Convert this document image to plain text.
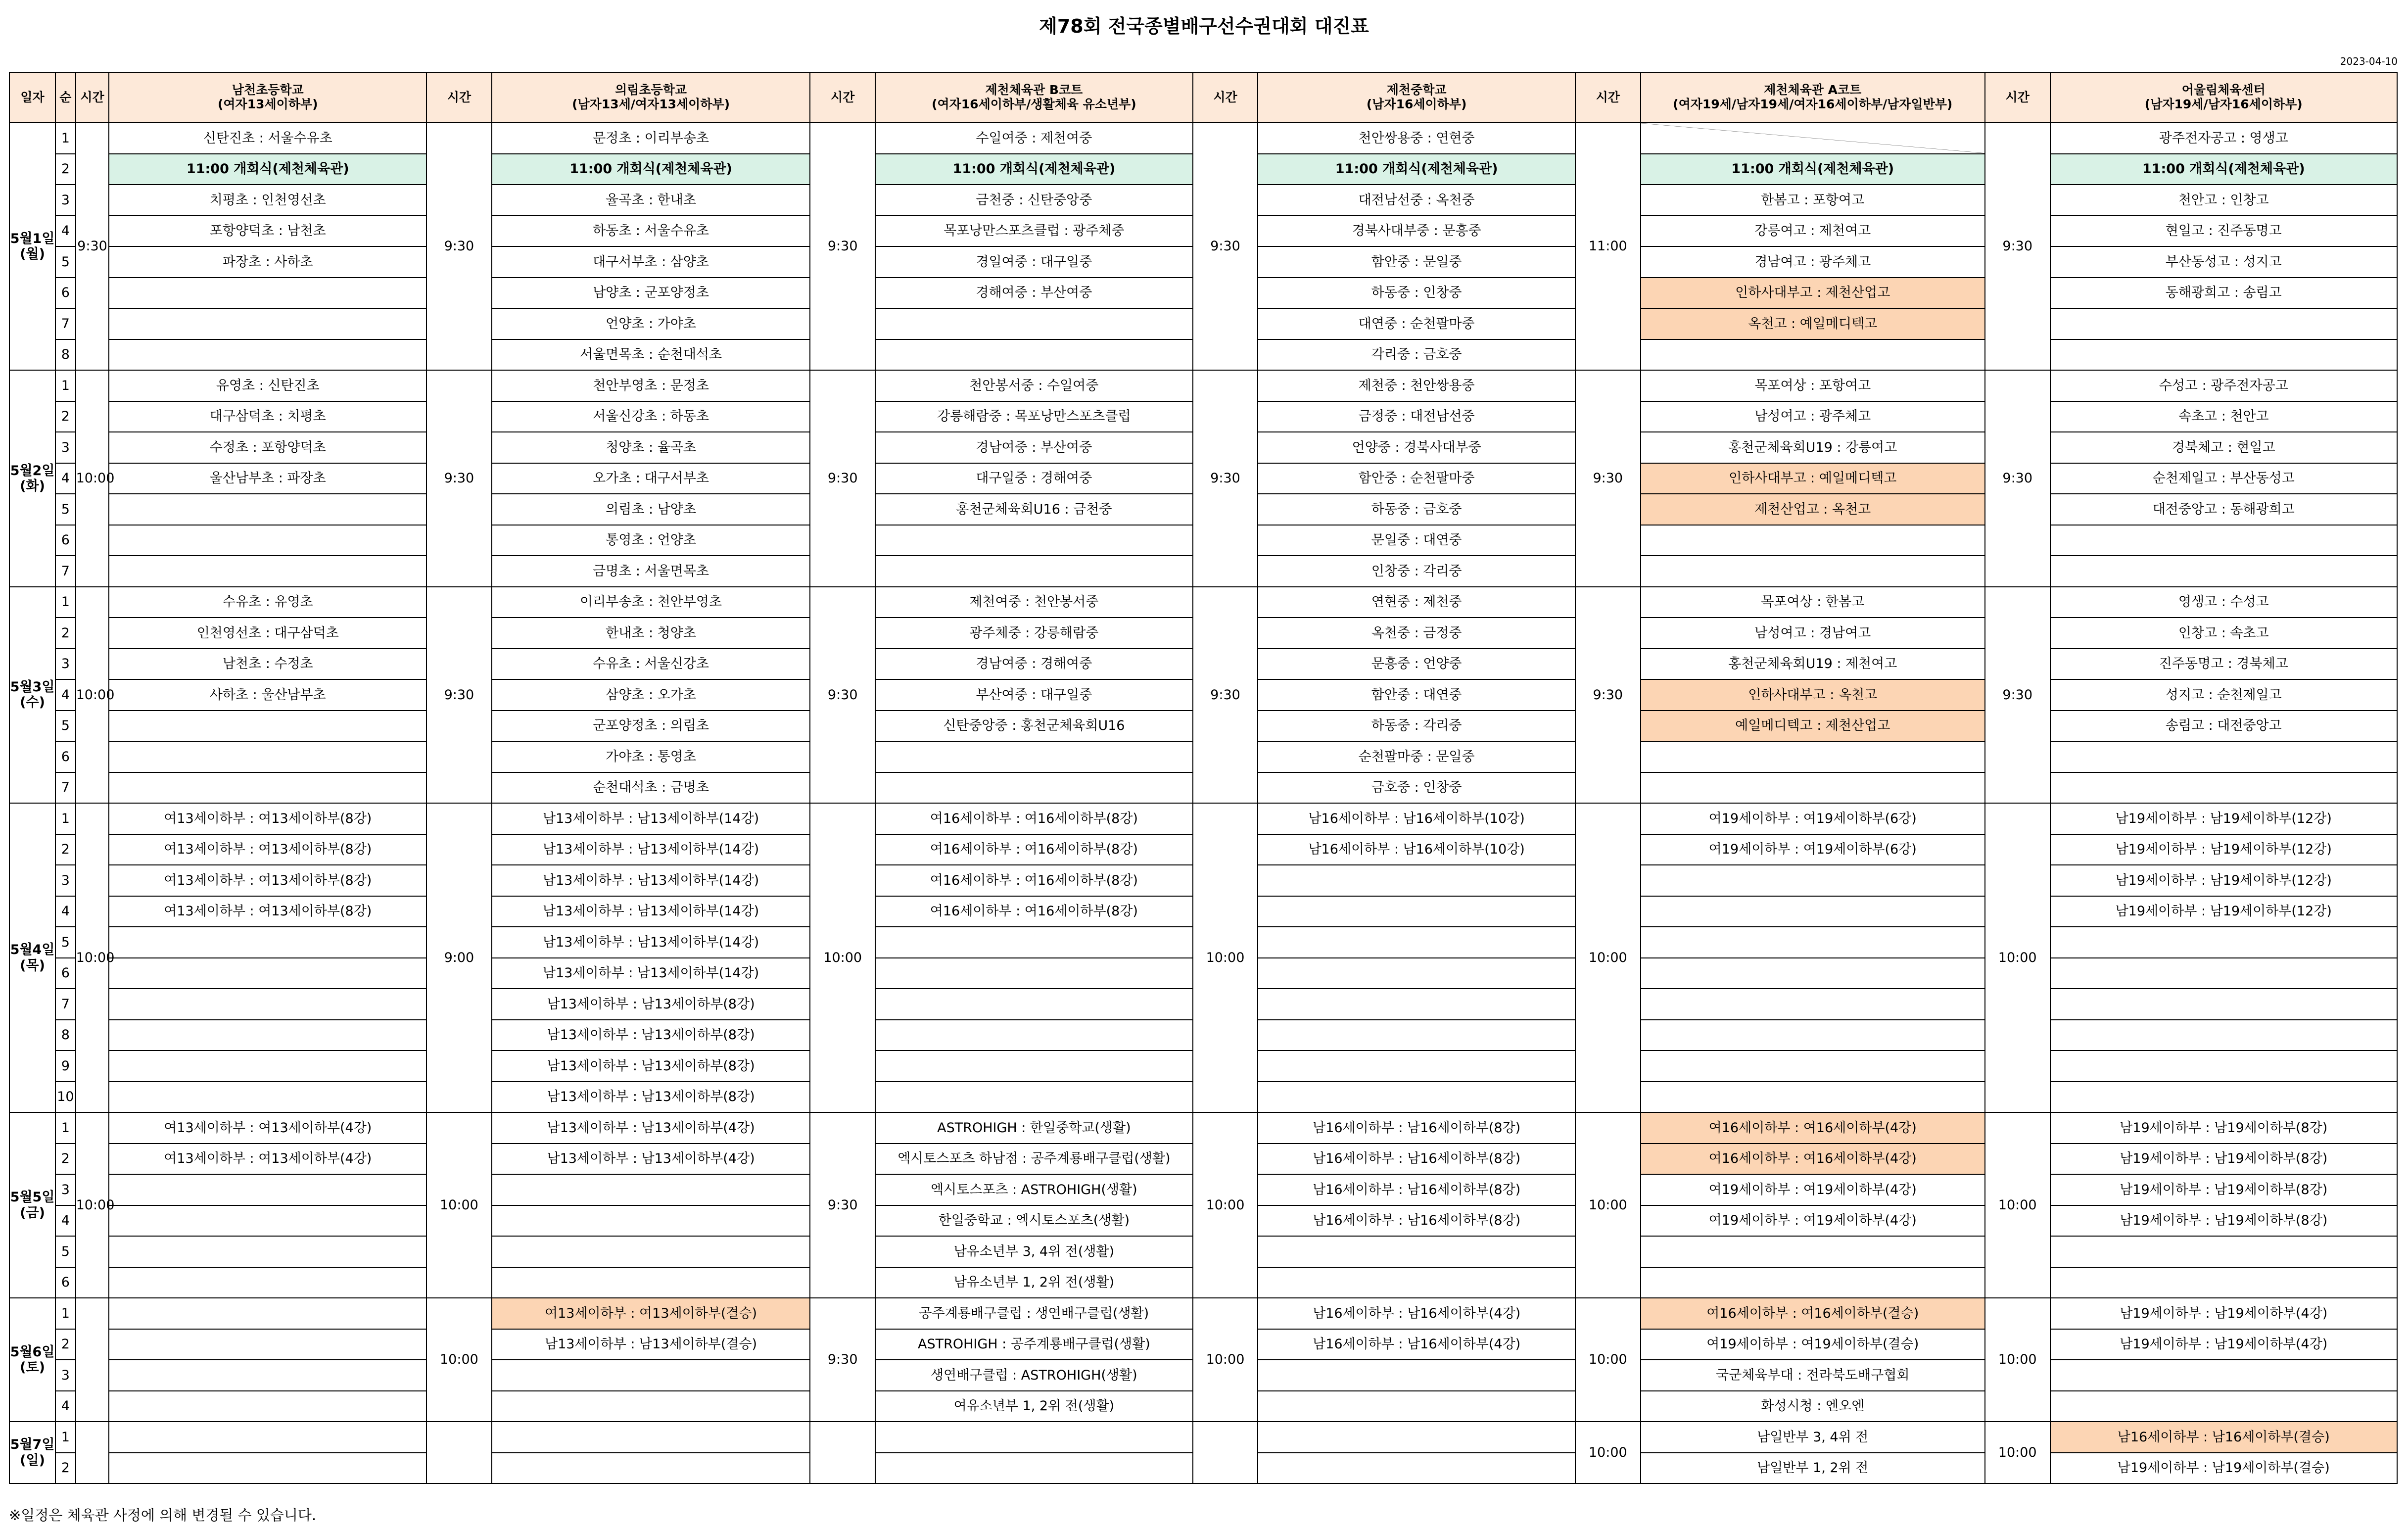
제78회 전국종별배구선수권대회 대진표
2023-04-10
일자	순	시간	남천초등학교
(여자13세이하부)	시간	의림초등학교
(남자13세/여자13세이하부)	시간	제천체육관 B코트
(여자16세이하부/생활체육 유소년부)	시간	제천중학교
(남자16세이하부)	시간	제천체육관 A코트
(여자19세/남자19세/여자16세이하부/남자일반부)	시간	어울림체육센터
(남자19세/남자16세이하부)

5월1일
(월)	1	9:30	신탄진초 : 서울수유초	9:30	문정초 : 이리부송초	9:30	수일여중 : 제천여중	9:30	천안쌍용중 : 연현중	11:00		9:30	광주전자공고 : 영생고
	2		11:00 개회식(제천체육관)		11:00 개회식(제천체육관)		11:00 개회식(제천체육관)		11:00 개회식(제천체육관)		11:00 개회식(제천체육관)		11:00 개회식(제천체육관)
	3		치평초 : 인천영선초		율곡초 : 한내초		금천중 : 신탄중앙중		대전남선중 : 옥천중		한봄고 : 포항여고		천안고 : 인창고
	4		포항양덕초 : 남천초		하동초 : 서울수유초		목포낭만스포츠클럽 : 광주체중		경북사대부중 : 문흥중		강릉여고 : 제천여고		현일고 : 진주동명고
	5		파장초 : 사하초		대구서부초 : 삼양초		경일여중 : 대구일중		함안중 : 문일중		경남여고 : 광주체고		부산동성고 : 성지고
	6				남양초 : 군포양정초		경해여중 : 부산여중		하동중 : 인창중		인하사대부고 : 제천산업고		동해광희고 : 송림고
	7				언양초 : 가야초				대연중 : 순천팔마중		옥천고 : 예일메디텍고		
	8				서울면목초 : 순천대석초				각리중 : 금호중				

5월2일
(화)	1	10:00	유영초 : 신탄진초	9:30	천안부영초 : 문정초	9:30	천안봉서중 : 수일여중	9:30	제천중 : 천안쌍용중	9:30	목포여상 : 포항여고	9:30	수성고 : 광주전자공고
	2		대구삼덕초 : 치평초		서울신강초 : 하동초		강릉해람중 : 목포낭만스포츠클럽		금정중 : 대전남선중		남성여고 : 광주체고		속초고 : 천안고
	3		수정초 : 포항양덕초		청양초 : 율곡초		경남여중 : 부산여중		언양중 : 경북사대부중		홍천군체육회U19 : 강릉여고		경북체고 : 현일고
	4		울산남부초 : 파장초		오가초 : 대구서부초		대구일중 : 경해여중		함안중 : 순천팔마중		인하사대부고 : 예일메디텍고		순천제일고 : 부산동성고
	5				의림초 : 남양초		홍천군체육회U16 : 금천중		하동중 : 금호중		제천산업고 : 옥천고		대전중앙고 : 동해광희고
	6				통영초 : 언양초				문일중 : 대연중				
	7				금명초 : 서울면목초				인창중 : 각리중				

5월3일
(수)	1	10:00	수유초 : 유영초	9:30	이리부송초 : 천안부영초	9:30	제천여중 : 천안봉서중	9:30	연현중 : 제천중	9:30	목포여상 : 한봄고	9:30	영생고 : 수성고
	2		인천영선초 : 대구삼덕초		한내초 : 청양초		광주체중 : 강릉해람중		옥천중 : 금정중		남성여고 : 경남여고		인창고 : 속초고
	3		남천초 : 수정초		수유초 : 서울신강초		경남여중 : 경해여중		문흥중 : 언양중		홍천군체육회U19 : 제천여고		진주동명고 : 경북체고
	4		사하초 : 울산남부초		삼양초 : 오가초		부산여중 : 대구일중		함안중 : 대연중		인하사대부고 : 옥천고		성지고 : 순천제일고
	5				군포양정초 : 의림초		신탄중앙중 : 홍천군체육회U16		하동중 : 각리중		예일메디텍고 : 제천산업고		송림고 : 대전중앙고
	6				가야초 : 통영초				순천팔마중 : 문일중				
	7				순천대석초 : 금명초				금호중 : 인창중				

5월4일
(목)	1	10:00	여13세이하부 : 여13세이하부(8강)	9:00	남13세이하부 : 남13세이하부(14강)	10:00	여16세이하부 : 여16세이하부(8강)	10:00	남16세이하부 : 남16세이하부(10강)	10:00	여19세이하부 : 여19세이하부(6강)	10:00	남19세이하부 : 남19세이하부(12강)
	2		여13세이하부 : 여13세이하부(8강)		남13세이하부 : 남13세이하부(14강)		여16세이하부 : 여16세이하부(8강)		남16세이하부 : 남16세이하부(10강)		여19세이하부 : 여19세이하부(6강)		남19세이하부 : 남19세이하부(12강)
	3		여13세이하부 : 여13세이하부(8강)		남13세이하부 : 남13세이하부(14강)		여16세이하부 : 여16세이하부(8강)						남19세이하부 : 남19세이하부(12강)
	4		여13세이하부 : 여13세이하부(8강)		남13세이하부 : 남13세이하부(14강)		여16세이하부 : 여16세이하부(8강)						남19세이하부 : 남19세이하부(12강)
	5				남13세이하부 : 남13세이하부(14강)								
	6				남13세이하부 : 남13세이하부(14강)								
	7				남13세이하부 : 남13세이하부(8강)								
	8				남13세이하부 : 남13세이하부(8강)								
	9				남13세이하부 : 남13세이하부(8강)								
	10				남13세이하부 : 남13세이하부(8강)								

5월5일
(금)	1	10:00	여13세이하부 : 여13세이하부(4강)	10:00	남13세이하부 : 남13세이하부(4강)	9:30	ASTROHIGH : 한일중학교(생활)	10:00	남16세이하부 : 남16세이하부(8강)	10:00	여16세이하부 : 여16세이하부(4강)	10:00	남19세이하부 : 남19세이하부(8강)
	2		여13세이하부 : 여13세이하부(4강)		남13세이하부 : 남13세이하부(4강)		엑시토스포츠 하남점 : 공주계룡배구클럽(생활)		남16세이하부 : 남16세이하부(8강)		여16세이하부 : 여16세이하부(4강)		남19세이하부 : 남19세이하부(8강)
	3						엑시토스포츠 : ASTROHIGH(생활)		남16세이하부 : 남16세이하부(8강)		여19세이하부 : 여19세이하부(4강)		남19세이하부 : 남19세이하부(8강)
	4						한일중학교 : 엑시토스포츠(생활)		남16세이하부 : 남16세이하부(8강)		여19세이하부 : 여19세이하부(4강)		남19세이하부 : 남19세이하부(8강)
	5						남유소년부 3, 4위 전(생활)						
	6						남유소년부 1, 2위 전(생활)						

5월6일
(토)	1			10:00	여13세이하부 : 여13세이하부(결승)	9:30	공주계룡배구클럽 : 생연배구클럽(생활)	10:00	남16세이하부 : 남16세이하부(4강)	10:00	여16세이하부 : 여16세이하부(결승)	10:00	남19세이하부 : 남19세이하부(4강)
	2				남13세이하부 : 남13세이하부(결승)		ASTROHIGH : 공주계룡배구클럽(생활)		남16세이하부 : 남16세이하부(4강)		여19세이하부 : 여19세이하부(결승)		남19세이하부 : 남19세이하부(4강)
	3						생연배구클럽 : ASTROHIGH(생활)				국군체육부대 : 전라북도배구협회		
	4						여유소년부 1, 2위 전(생활)				화성시청 : 엔오엔		

5월7일
(일)	1									10:00	남일반부 3, 4위 전	10:00	남16세이하부 : 남16세이하부(결승)
	2										남일반부 1, 2위 전		남19세이하부 : 남19세이하부(결승)
※일정은 체육관 사정에 의해 변경될 수 있습니다.
